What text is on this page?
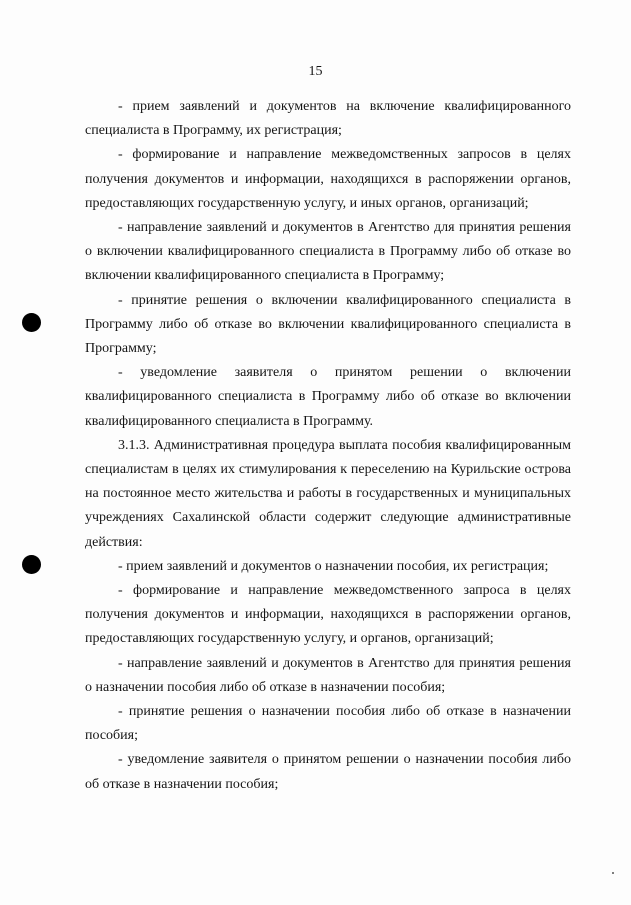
15

- прием заявлений и документов на включение квалифицированного специалиста в Программу, их регистрация;

- формирование и направление межведомственных запросов в целях получения документов и информации, находящихся в распоряжении органов, предоставляющих государственную услугу, и иных органов, организаций;

- направление заявлений и документов в Агентство для принятия решения о включении квалифицированного специалиста в Программу либо об отказе во включении квалифицированного специалиста в Программу;

- принятие решения о включении квалифицированного специалиста в Программу либо об отказе во включении квалифицированного специалиста в Программу;

- уведомление заявителя о принятом решении о включении квалифицированного специалиста в Программу либо об отказе во включении квалифицированного специалиста в Программу.

3.1.3. Административная процедура выплата пособия квалифицированным специалистам в целях их стимулирования к переселению на Курильские острова на постоянное место жительства и работы в государственных и муниципальных учреждениях Сахалинской области содержит следующие административные действия:

- прием заявлений и документов о назначении пособия, их регистрация;

- формирование и направление межведомственного запроса в целях получения документов и информации, находящихся в распоряжении органов, предоставляющих государственную услугу, и органов, организаций;

- направление заявлений и документов в Агентство для принятия решения о назначении пособия либо об отказе в назначении пособия;

- принятие решения о назначении пособия либо об отказе в назначении пособия;

- уведомление заявителя о принятом решении о назначении пособия либо об отказе в назначении пособия;
